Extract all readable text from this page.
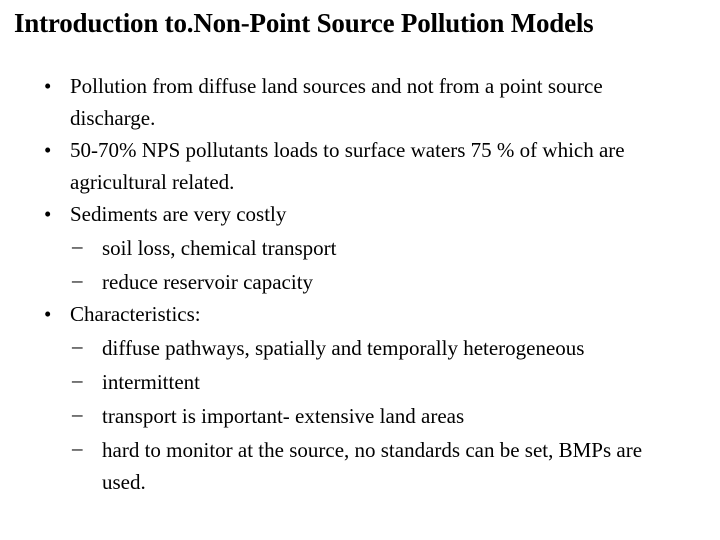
Introduction to.Non-Point Source Pollution Models
• Pollution from diffuse land sources and not from a point source discharge.
• 50-70% NPS pollutants loads to surface waters 75 % of which are agricultural related.
• Sediments are very costly
– soil loss, chemical transport
– reduce reservoir capacity
• Characteristics:
– diffuse pathways, spatially and temporally heterogeneous
– intermittent
– transport is important- extensive land areas
– hard to monitor at the source, no standards can be set, BMPs are used.
